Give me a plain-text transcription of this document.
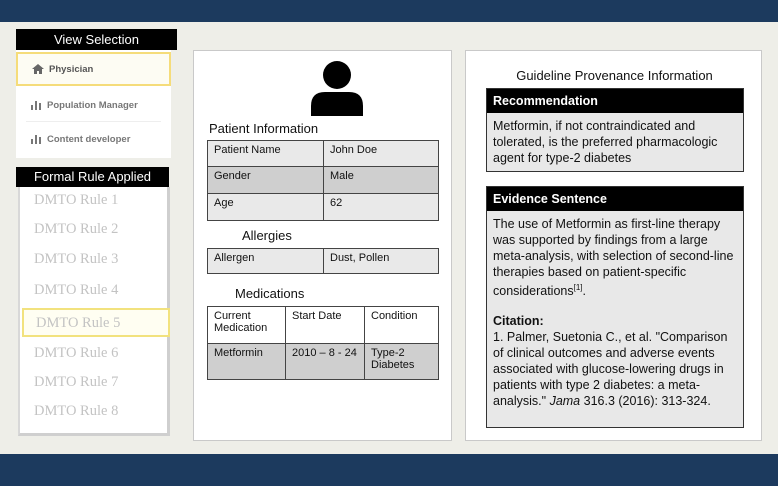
View Selection
Physician
Population Manager
Content developer
Formal Rule Applied
DMTO Rule 1
DMTO Rule 2
DMTO Rule 3
DMTO Rule 4
DMTO Rule 5
DMTO Rule 6
DMTO Rule 7
DMTO Rule 8
Patient Information
Patient Name	John Doe
Gender	Male
Age	62
Allergies
Allergen	Dust, Pollen
Medications
Current Medication	Start Date	Condition
Metformin	2010 – 8 - 24	Type-2 Diabetes
Guideline Provenance Information
Recommendation
Metformin, if not contraindicated and tolerated, is the preferred pharmacologic agent for type-2 diabetes
Evidence Sentence
The use of Metformin as first-line therapy was supported by findings from a large meta-analysis, with selection of second-line therapies based on patient-specific considerations[1].
Citation:
1. Palmer, Suetonia C., et al. "Comparison of clinical outcomes and adverse events associated with glucose-lowering drugs in patients with type 2 diabetes: a meta-analysis." Jama 316.3 (2016): 313-324.
